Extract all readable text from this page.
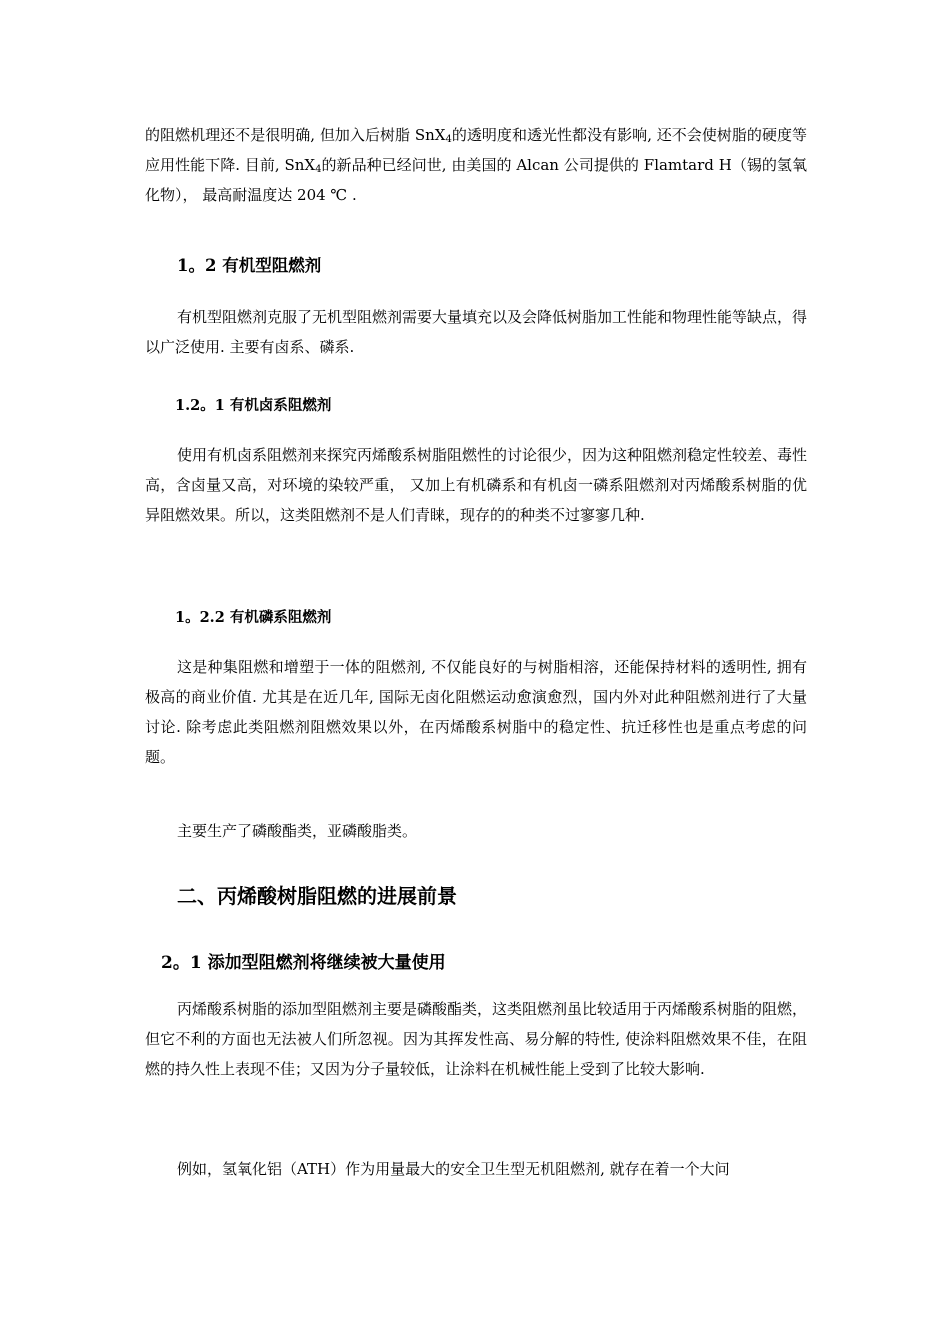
的阻燃机理还不是很明确, 但加入后树脂 SnX$_4$的透明度和透光性都没有影响, 还不会使树脂的硬度等应用性能下降. 目前, SnX$_4$的新品种已经问世, 由美国的 Alcan 公司提供的 Flamtard H（锡的氢氧化物）， 最高耐温度达 204 ℃ .

1。2 有机型阻燃剂

有机型阻燃剂克服了无机型阻燃剂需要大量填充以及会降低树脂加工性能和物理性能等缺点，得以广泛使用. 主要有卤系、磷系.

1.2。1 有机卤系阻燃剂

使用有机卤系阻燃剂来探究丙烯酸系树脂阻燃性的讨论很少，因为这种阻燃剂稳定性较差、毒性高，含卤量又高，对环境的染较严重， 又加上有机磷系和有机卤一磷系阻燃剂对丙烯酸系树脂的优异阻燃效果。所以，这类阻燃剂不是人们青睐，现存的的种类不过寥寥几种.

1。2.2 有机磷系阻燃剂

这是种集阻燃和增塑于一体的阻燃剂, 不仅能良好的与树脂相溶，还能保持材料的透明性, 拥有极高的商业价值. 尤其是在近几年, 国际无卤化阻燃运动愈演愈烈，国内外对此种阻燃剂进行了大量讨论. 除考虑此类阻燃剂阻燃效果以外，在丙烯酸系树脂中的稳定性、抗迁移性也是重点考虑的问题。

主要生产了磷酸酯类，亚磷酸脂类。

二、丙烯酸树脂阻燃的进展前景
2。1 添加型阻燃剂将继续被大量使用

丙烯酸系树脂的添加型阻燃剂主要是磷酸酯类，这类阻燃剂虽比较适用于丙烯酸系树脂的阻燃，但它不利的方面也无法被人们所忽视。因为其挥发性高、易分解的特性, 使涂料阻燃效果不佳，在阻燃的持久性上表现不佳；又因为分子量较低，让涂料在机械性能上受到了比较大影响.

例如，氢氧化铝（ATH）作为用量最大的安全卫生型无机阻燃剂, 就存在着一个大问
